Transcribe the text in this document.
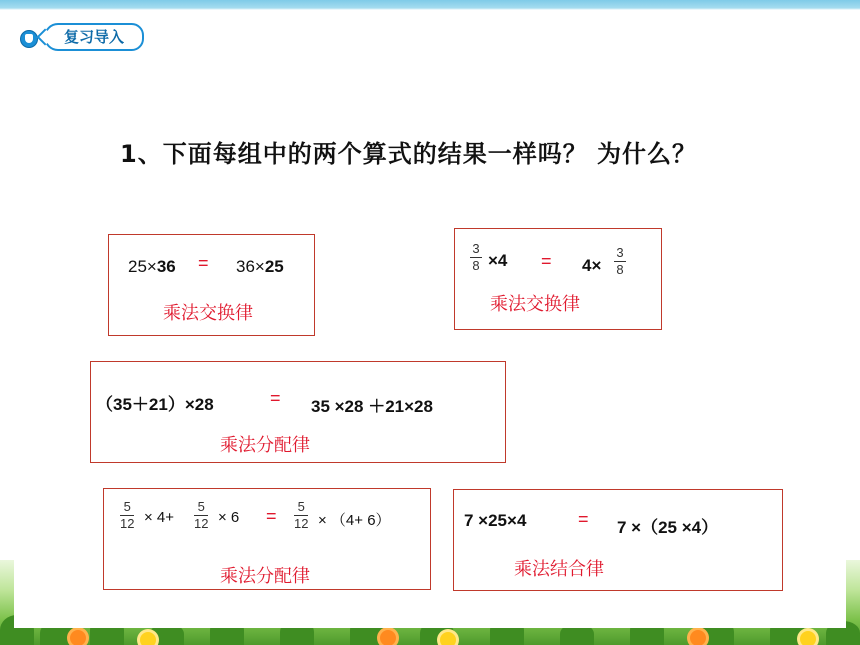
复习导入
1、下面每组中的两个算式的结果一样吗？ 为什么？
25×36 = 36×25
乘法交换律
3
8 ×4 = 4×
3
8
乘法交换律
（35＋21）×28	= 35 ×28 ＋21×28
乘法分配律
5
12 × 4+
5
12 × 6 = 5
12 × （4+ 6）
乘法分配律
7 ×25×4	= 7 ×（25 ×4）
乘法结合律
